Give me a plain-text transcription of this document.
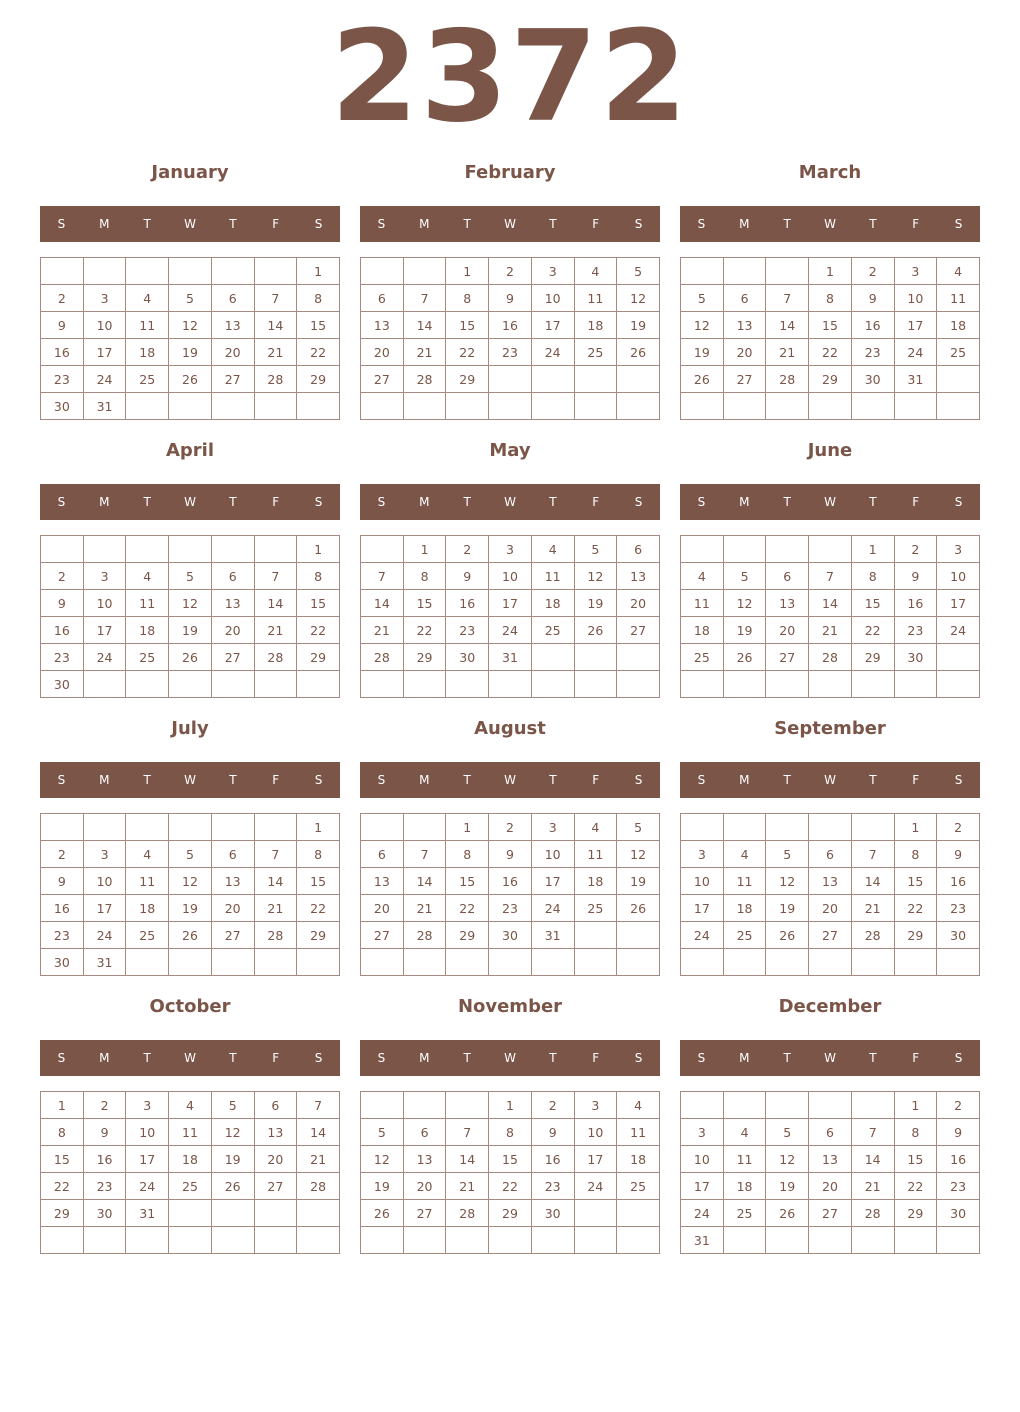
2372
January
S	M	T	W	T	F	S
						1
2	3	4	5	6	7	8
9	10	11	12	13	14	15
16	17	18	19	20	21	22
23	24	25	26	27	28	29
30	31					
February
S	M	T	W	T	F	S
		1	2	3	4	5
6	7	8	9	10	11	12
13	14	15	16	17	18	19
20	21	22	23	24	25	26
27	28	29				

March
S	M	T	W	T	F	S
			1	2	3	4
5	6	7	8	9	10	11
12	13	14	15	16	17	18
19	20	21	22	23	24	25
26	27	28	29	30	31	

April
S	M	T	W	T	F	S
						1
2	3	4	5	6	7	8
9	10	11	12	13	14	15
16	17	18	19	20	21	22
23	24	25	26	27	28	29
30						
May
S	M	T	W	T	F	S
	1	2	3	4	5	6
7	8	9	10	11	12	13
14	15	16	17	18	19	20
21	22	23	24	25	26	27
28	29	30	31			

June
S	M	T	W	T	F	S
				1	2	3
4	5	6	7	8	9	10
11	12	13	14	15	16	17
18	19	20	21	22	23	24
25	26	27	28	29	30	

July
S	M	T	W	T	F	S
						1
2	3	4	5	6	7	8
9	10	11	12	13	14	15
16	17	18	19	20	21	22
23	24	25	26	27	28	29
30	31					
August
S	M	T	W	T	F	S
		1	2	3	4	5
6	7	8	9	10	11	12
13	14	15	16	17	18	19
20	21	22	23	24	25	26
27	28	29	30	31		

September
S	M	T	W	T	F	S
					1	2
3	4	5	6	7	8	9
10	11	12	13	14	15	16
17	18	19	20	21	22	23
24	25	26	27	28	29	30

October
S	M	T	W	T	F	S
1	2	3	4	5	6	7
8	9	10	11	12	13	14
15	16	17	18	19	20	21
22	23	24	25	26	27	28
29	30	31				

November
S	M	T	W	T	F	S
			1	2	3	4
5	6	7	8	9	10	11
12	13	14	15	16	17	18
19	20	21	22	23	24	25
26	27	28	29	30		

December
S	M	T	W	T	F	S
					1	2
3	4	5	6	7	8	9
10	11	12	13	14	15	16
17	18	19	20	21	22	23
24	25	26	27	28	29	30
31						
